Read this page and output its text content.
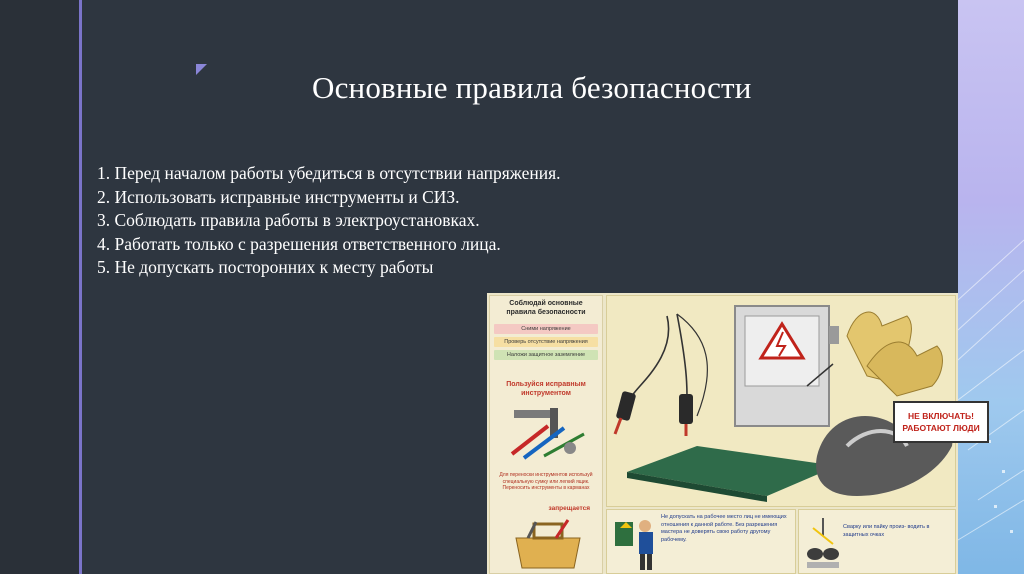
Основные правила безопасности
1. Перед началом работы убедиться в отсутствии напряжения.
2. Использовать исправные инструменты и СИЗ.
3. Соблюдать правила работы в электроустановках.
4. Работать только с разрешения ответственного лица.
5. Не допускать посторонних к месту работы
Соблюдай основные правила безопасности
Сними напряжение
Проверь отсутствие напряжения
Наложи защитное заземление
Пользуйся исправным инструментом
Для переноски инструментов используй специальную сумку или легкий ящик. Переносить инструменты в карманах
запрещается
НЕ ВКЛЮЧАТЬ!
РАБОТАЮТ ЛЮДИ
Не допускать на рабочее место лиц не имеющих отношения к данной работе. Без разрешения мастера не доверять свою работу другому рабочему.
Сварку или пайку произ- водить в защитных очках
